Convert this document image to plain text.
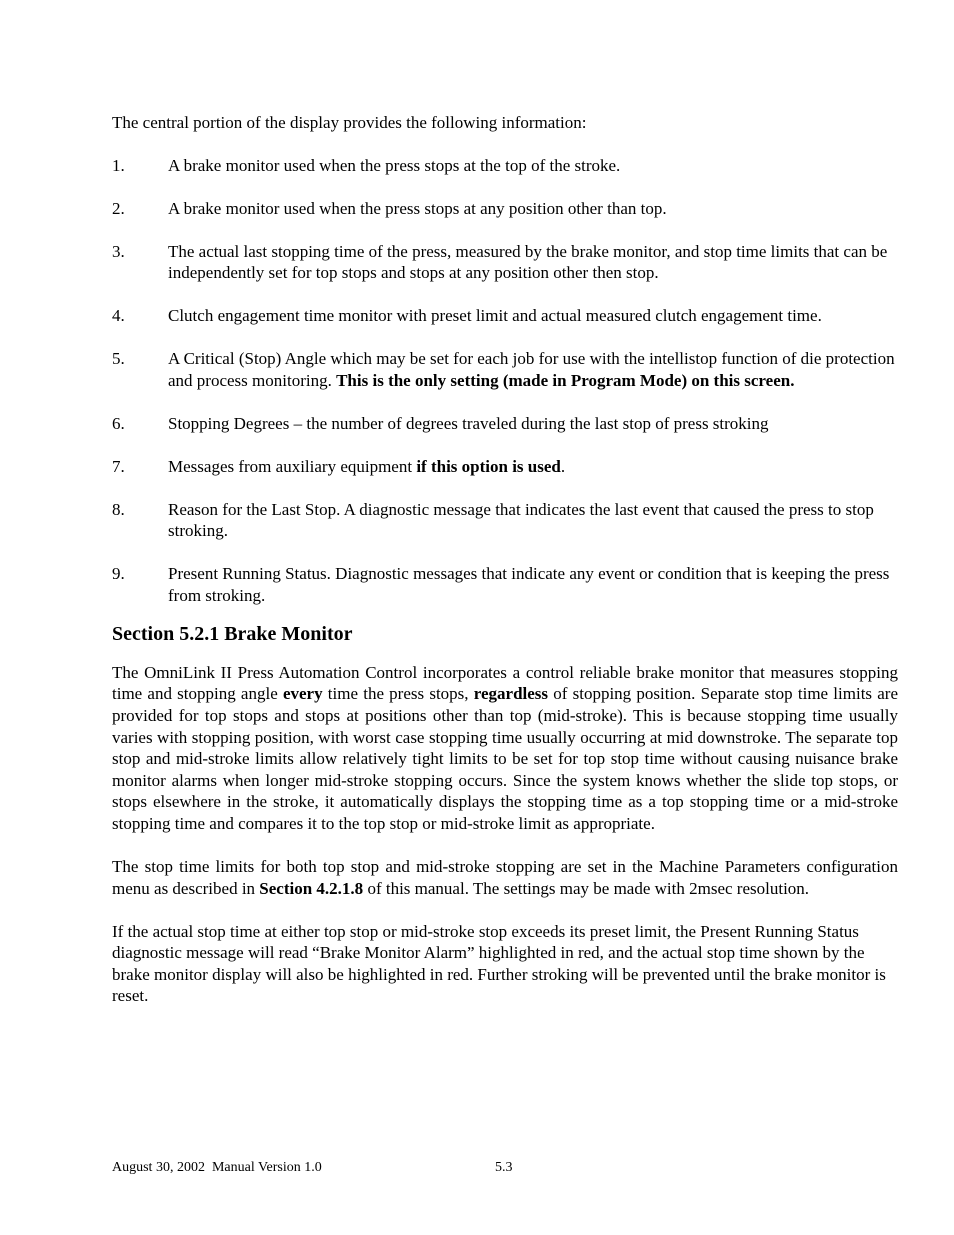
The central portion of the display provides the following information:

1.	A brake monitor used when the press stops at the top of the stroke.
2.	A brake monitor used when the press stops at any position other than top.
3.	The actual last stopping time of the press, measured by the brake monitor, and stop time limits that can be independently set for top stops and stops at any position other then stop.
4.	Clutch engagement time monitor with preset limit and actual measured clutch engagement time.
5.	A Critical (Stop) Angle which may be set for each job for use with the intellistop function of die protection and process monitoring. This is the only setting (made in Program Mode) on this screen.
6.	Stopping Degrees – the number of degrees traveled during the last stop of press stroking
7.	Messages from auxiliary equipment if this option is used.
8.	Reason for the Last Stop. A diagnostic message that indicates the last event that caused the press to stop stroking.
9.	Present Running Status. Diagnostic messages that indicate any event or condition that is keeping the press from stroking.
Section 5.2.1 Brake Monitor

The OmniLink II Press Automation Control incorporates a control reliable brake monitor that measures stopping time and stopping angle every time the press stops, regardless of stopping position. Separate stop time limits are provided for top stops and stops at positions other than top (mid-stroke). This is because stopping time usually varies with stopping position, with worst case stopping time usually occurring at mid downstroke. The separate top stop and mid-stroke limits allow relatively tight limits to be set for top stop time without causing nuisance brake monitor alarms when longer mid-stroke stopping occurs. Since the system knows whether the slide top stops, or stops elsewhere in the stroke, it automatically displays the stopping time as a top stopping time or a mid-stroke stopping time and compares it to the top stop or mid-stroke limit as appropriate.

The stop time limits for both top stop and mid-stroke stopping are set in the Machine Parameters configuration menu as described in Section 4.2.1.8 of this manual. The settings may be made with 2msec resolution.

If the actual stop time at either top stop or mid-stroke stop exceeds its preset limit, the Present Running Status diagnostic message will read “Brake Monitor Alarm” highlighted in red, and the actual stop time shown by the brake monitor display will also be highlighted in red. Further stroking will be prevented until the brake monitor is reset.

August 30, 2002  Manual Version 1.0	5.3
